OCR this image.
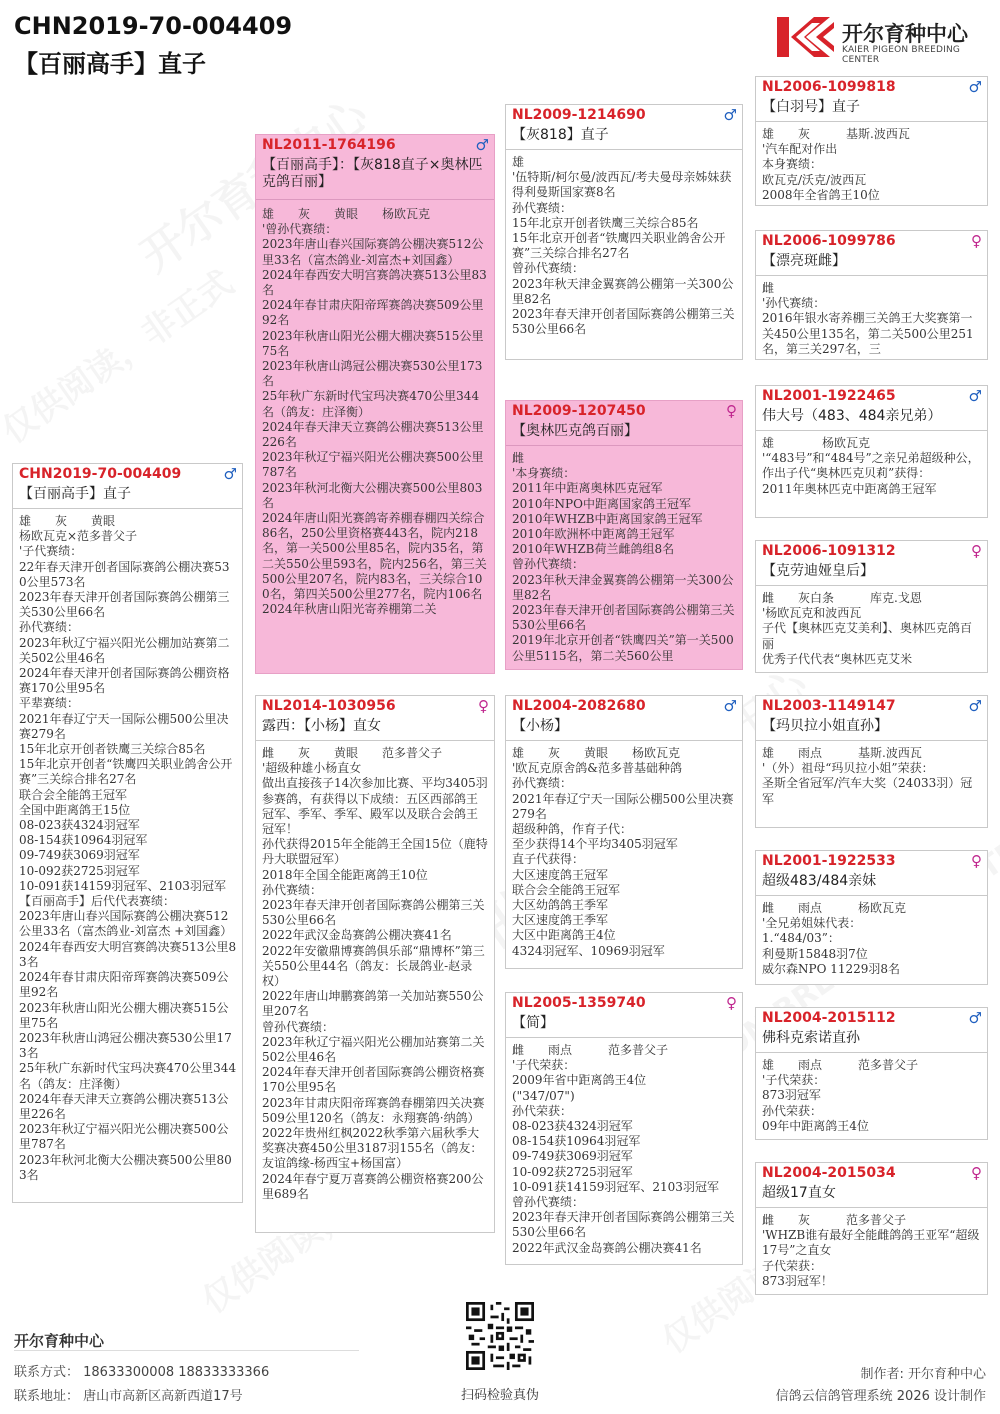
CHN2019-70-004409
【百丽高手】直子
开尔育种中心
KAIER PIGEON BREEDING CENTER
CHN2019-70-004409	♂
【百丽高手】直子
雄　　灰　　黄眼
杨欧瓦克×范多普父子
'子代赛绩：
22年春天津开创者国际赛鸽公棚决赛530公里573名
2023年春天津开创者国际赛鸽公棚第三关530公里66名
孙代赛绩：
2023年秋辽宁福兴阳光公棚加站赛第二关502公里46名
2024年春天津开创者国际赛鸽公棚资格赛170公里95名
平辈赛绩：
2021年春辽宁天一国际公棚500公里决赛279名
15年北京开创者铁鹰三关综合85名
15年北京开创者“铁鹰四关职业鸽舍公开赛”三关综合排名27名
联合会全能鸽王冠军
全国中距离鸽王15位
08-023获4324羽冠军
08-154获10964羽冠军
09-749获3069羽冠军
10-092获2725羽冠军
10-091获14159羽冠军、2103羽冠军
【百丽高手】后代代表赛绩：
2023年唐山春兴国际赛鸽公棚决赛512公里33名（富杰鸽业-刘富杰 +刘国鑫）
2024年春西安大明宫赛鸽决赛513公里83名
2024年春甘肃庆阳帝珲赛鸽决赛509公里92名
2023年秋唐山阳光公棚大棚决赛515公里75名
2023年秋唐山鸿冠公棚决赛530公里173名
25年秋广东新时代宝玛决赛470公里344名（鸽友：庄泽衡）
2024年春天津天立赛鸽公棚决赛513公里226名
2023年秋辽宁福兴阳光公棚决赛500公里787名
2023年秋河北衡大公棚决赛500公里803名
NL2011-1764196	♂
【百丽高手】：【灰818直子×奥林匹克鸽百丽】
雄　　灰　　黄眼　　杨欧瓦克
'曾孙代赛绩：
2023年唐山春兴国际赛鸽公棚决赛512公里33名（富杰鸽业-刘富杰+刘国鑫）
2024年春西安大明宫赛鸽决赛513公里83名
2024年春甘肃庆阳帝珲赛鸽决赛509公里92名
2023年秋唐山阳光公棚大棚决赛515公里75名
2023年秋唐山鸿冠公棚决赛530公里173名
25年秋广东新时代宝玛决赛470公里344名（鸽友：庄泽衡）
2024年春天津天立赛鸽公棚决赛513公里226名
2023年秋辽宁福兴阳光公棚决赛500公里787名
2023年秋河北衡大公棚决赛500公里803名
2024年唐山阳光赛鸽寄养棚春棚四关综合86名，250公里资格赛443名，院内218名，第一关500公里85名，院内35名，第二关550公里593名，院内256名，第三关500公里207名，院内83名，三关综合100名，第四关500公里277名，院内106名
2024年秋唐山阳光寄养棚第二关
NL2014-1030956	♀
露西：【小杨】直女
雌　　灰　　黄眼　　范多普父子
'超级种雄小杨直女
做出直接孩子14次参加比赛、平均3405羽参赛鸽，有获得以下成绩：五区西部鸽王冠军、季军、季军、殿军以及联合会鸽王冠军！
孙代获得2015年全能鸽王全国15位（鹿特丹大联盟冠军）
2018年全国全能距离鸽王10位
孙代赛绩：
2023年春天津开创者国际赛鸽公棚第三关530公里66名
2022年武汉金岛赛鸽公棚决赛41名
2022年安徽鼎博赛鸽俱乐部“鼎博杯”第三关550公里44名（鸽友：长晟鸽业-赵录权）
2022年唐山坤鹏赛鸽第一关加站赛550公里207名
曾孙代赛绩：
2023年秋辽宁福兴阳光公棚加站赛第二关502公里46名
2024年春天津开创者国际赛鸽公棚资格赛170公里95名
2023年甘肃庆阳帝珲赛鸽春棚第四关决赛509公里120名（鸽友：永翔赛鸽·纳鸽）
2022年贵州红枫2022秋季第六届秋季大奖赛决赛450公里3187羽155名（鸽友：友谊鸽缘-杨西宝+杨国富）
2024年春宁夏万喜赛鸽公棚资格赛200公里689名
NL2009-1214690	♂
【灰818】直子
雄
'伍特斯/柯尔曼/波西瓦/考夫曼母亲姊妹获得利曼斯国家赛8名
孙代赛绩：
15年北京开创者铁鹰三关综合85名
15年北京开创者“铁鹰四关职业鸽舍公开赛”三关综合排名27名
曾孙代赛绩：
2023年秋天津金翼赛鸽公棚第一关300公里82名
2023年春天津开创者国际赛鸽公棚第三关530公里66名
NL2009-1207450	♀
【奥林匹克鸽百丽】
雌
'本身赛绩：
2011年中距离奥林匹克冠军
2010年NPO中距离国家鸽王冠军
2010年WHZB中距离国家鸽王冠军
2010年欧洲杯中距离鸽王冠军
2010年WHZB荷兰雌鸽组8名
曾孙代赛绩：
2023年秋天津金翼赛鸽公棚第一关300公里82名
2023年春天津开创者国际赛鸽公棚第三关530公里66名
2019年北京开创者“铁鹰四关”第一关500公里5115名，第二关560公里
NL2004-2082680	♂
【小杨】
雄　　灰　　黄眼　　杨欧瓦克
'欧瓦克原舍鸽&范多普基础种鸽
孙代赛绩：
2021年春辽宁天一国际公棚500公里决赛279名
超级种鸽，作育子代：
至少获得14个平均3405羽冠军
直子代获得：
大区速度鸽王冠军
联合会全能鸽王冠军
大区幼鸽鸽王季军
大区速度鸽王季军
大区中距离鸽王4位
4324羽冠军、10969羽冠军
NL2005-1359740	♀
【简】
雌　　雨点　　　范多普父子
'子代荣获：
2009年省中距离鸽王4位
("347/07")
孙代荣获：
08-023获4324羽冠军
08-154获10964羽冠军
09-749获3069羽冠军
10-092获2725羽冠军
10-091获14159羽冠军、2103羽冠军
曾孙代赛绩：
2023年春天津开创者国际赛鸽公棚第三关530公里66名
2022年武汉金岛赛鸽公棚决赛41名
NL2006-1099818	♂
【白羽号】直子
雄　　灰　　　基斯.波西瓦
'汽车配对作出
本身赛绩：
欧瓦克/沃克/波西瓦
2008年全省鸽王10位
NL2006-1099786	♀
【漂亮斑雌】
雌
'孙代赛绩：
2016年银水寄养棚三关鸽王大奖赛第一关450公里135名，第二关500公里251名，第三关297名，三
NL2001-1922465	♂
伟大号（483、484亲兄弟）
雄　　　　杨欧瓦克
'“483号”和“484号”之亲兄弟超级种公，作出子代“奥林匹克贝莉”获得：
2011年奥林匹克中距离鸽王冠军
NL2006-1091312	♀
【克劳迪娅皇后】
雌　　灰白条　　　库克.戈恩
'杨欧瓦克和波西瓦
子代【奥林匹克艾美利】、奥林匹克鸽百丽
优秀子代代表“奥林匹克艾米
NL2003-1149147	♂
【玛贝拉小姐直孙】
雄　　雨点　　　基斯.波西瓦
'（外）祖母“玛贝拉小姐”荣获：
圣斯全省冠军/汽车大奖（24033羽）冠军
NL2001-1922533	♀
超级483/484亲妹
雌　　雨点　　　杨欧瓦克
'全兄弟姐妹代表：
1.“484/03”：
利曼斯15848羽7位
威尔森NPO 11229羽8名
NL2004-2015112	♂
佛科克索诺直孙
雄　　雨点　　　范多普父子
'子代荣获：
873羽冠军
孙代荣获：
09年中距离鸽王4位
NL2004-2015034	♀
超级17直女
雌　　灰　　　范多普父子
'WHZB谁有最好全能雌鸽鸽王亚军“超级17号”之直女
子代荣获：
873羽冠军！
开尔育种中心
联系方式： 18633300008 18833333366
联系地址： 唐山市高新区高新西道17号	扫码检验真伪
制作者: 开尔育种中心
信鸽云信鸽管理系统 2026 设计制作
